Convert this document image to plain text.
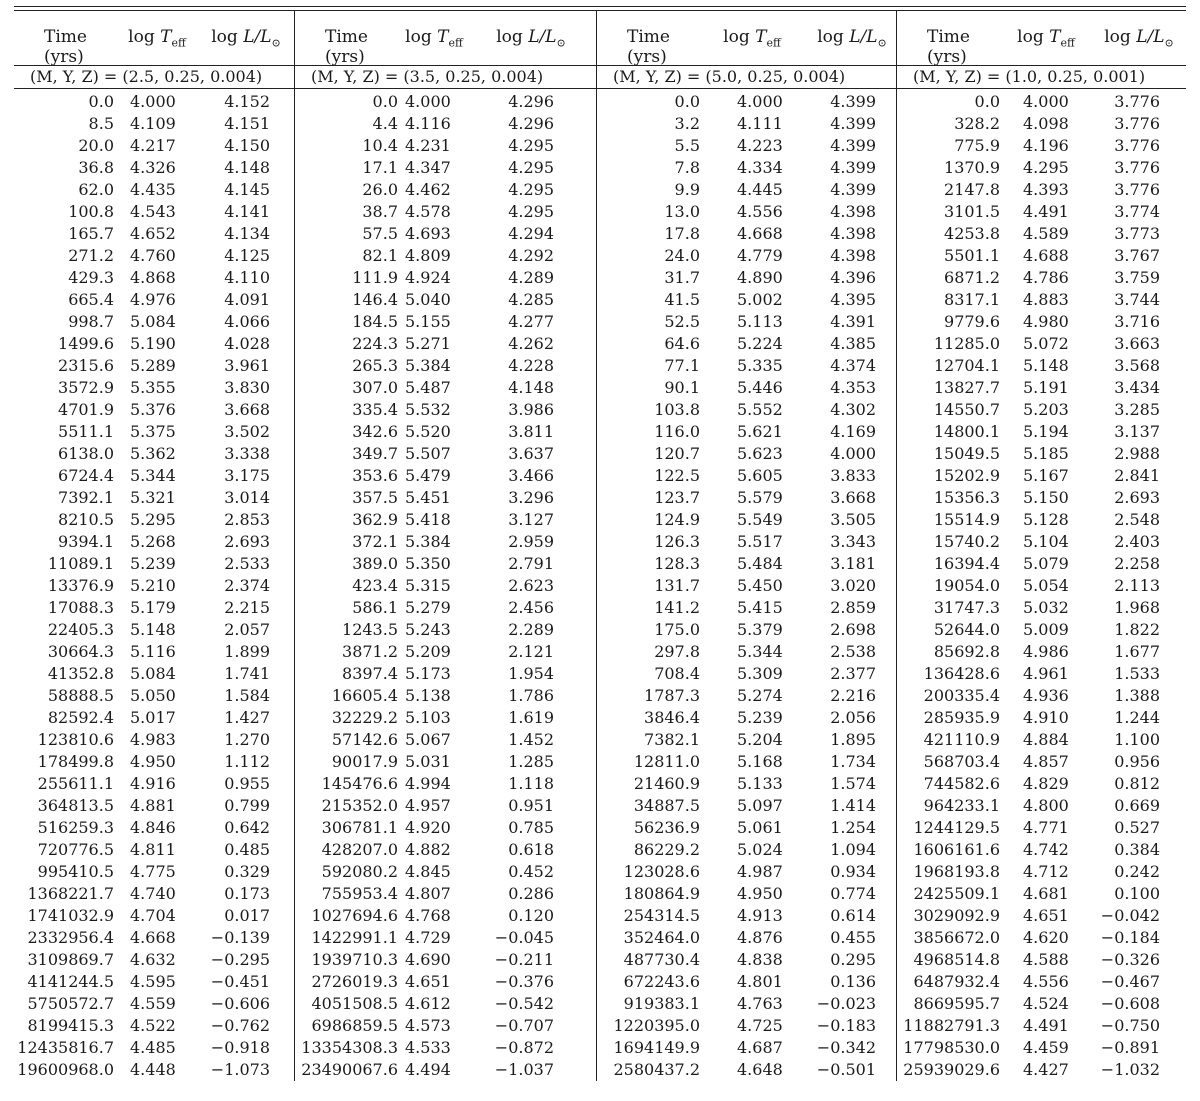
Time
(yrs)
$\log T_{eff}$	$\log L/L_⊙$
(M, Y, Z) = (2.5, 0.25, 0.004)
0.0 4.000	4.152
8.5 4.109	4.151
20.0 4.217	4.150
36.8 4.326	4.148
62.0 4.435	4.145
100.8 4.543	4.141
165.7 4.652	4.134
271.2 4.760	4.125
429.3 4.868	4.110
665.4 4.976	4.091
998.7 5.084	4.066
1499.6 5.190	4.028
2315.6 5.289	3.961
3572.9 5.355	3.830
4701.9 5.376	3.668
5511.1 5.375	3.502
6138.0 5.362	3.338
6724.4 5.344	3.175
7392.1 5.321	3.014
8210.5 5.295	2.853
9394.1 5.268	2.693
11089.1 5.239	2.533
13376.9 5.210	2.374
17088.3 5.179	2.215
22405.3 5.148	2.057
30664.3 5.116	1.899
41352.8 5.084	1.741
58888.5 5.050	1.584
82592.4 5.017	1.427
123810.6 4.983	1.270
178499.8 4.950	1.112
255611.1 4.916	0.955
364813.5 4.881	0.799
516259.3 4.846	0.642
720776.5 4.811	0.485
995410.5 4.775	0.329
1368221.7 4.740	0.173
1741032.9 4.704	0.017
2332956.4 4.668 −0.139
3109869.7 4.632 −0.295
4141244.5 4.595 −0.451
5750572.7 4.559 −0.606
8199415.3 4.522 −0.762
12435816.7 4.485 −0.918
19600968.0 4.448 −1.073
Time
(yrs)
$\log T_{eff}$	$\log L/L_⊙$
(M, Y, Z) = (3.5, 0.25, 0.004)
0.0 4.000	4.296
4.4 4.116	4.296
10.4 4.231	4.295
17.1 4.347	4.295
26.0 4.462	4.295
38.7 4.578	4.295
57.5 4.693	4.294
82.1 4.809	4.292
111.9 4.924	4.289
146.4 5.040	4.285
184.5 5.155	4.277
224.3 5.271	4.262
265.3 5.384	4.228
307.0 5.487	4.148
335.4 5.532	3.986
342.6 5.520	3.811
349.7 5.507	3.637
353.6 5.479	3.466
357.5 5.451	3.296
362.9 5.418	3.127
372.1 5.384	2.959
389.0 5.350	2.791
423.4 5.315	2.623
586.1 5.279	2.456
1243.5 5.243	2.289
3871.2 5.209	2.121
8397.4 5.173	1.954
16605.4 5.138	1.786
32229.2 5.103	1.619
57142.6 5.067	1.452
90017.9 5.031	1.285
145476.6 4.994	1.118
215352.0 4.957	0.951
306781.1 4.920	0.785
428207.0 4.882	0.618
592080.2 4.845	0.452
755953.4 4.807	0.286
1027694.6 4.768	0.120
1422991.1 4.729	−0.045
1939710.3 4.690	−0.211
2726019.3 4.651	−0.376
4051508.5 4.612	−0.542
6986859.5 4.573	−0.707
13354308.3 4.533	−0.872
23490067.6 4.494	−1.037
Time
(yrs)
$\log T_{eff}$	$\log L/L_⊙$
(M, Y, Z) = (5.0, 0.25, 0.004)
0.0 4.000	4.399
3.2 4.111	4.399
5.5 4.223	4.399
7.8 4.334	4.399
9.9 4.445	4.399
13.0 4.556	4.398
17.8 4.668	4.398
24.0 4.779	4.398
31.7 4.890	4.396
41.5 5.002	4.395
52.5 5.113	4.391
64.6 5.224	4.385
77.1 5.335	4.374
90.1 5.446	4.353
103.8 5.552	4.302
116.0 5.621	4.169
120.7 5.623	4.000
122.5 5.605	3.833
123.7 5.579	3.668
124.9 5.549	3.505
126.3 5.517	3.343
128.3 5.484	3.181
131.7 5.450	3.020
141.2 5.415	2.859
175.0 5.379	2.698
297.8 5.344	2.538
708.4 5.309	2.377
1787.3 5.274	2.216
3846.4 5.239	2.056
7382.1 5.204	1.895
12811.0 5.168	1.734
21460.9 5.133	1.574
34887.5 5.097	1.414
56236.9 5.061	1.254
86229.2 5.024	1.094
123028.6 4.987	0.934
180864.9 4.950	0.774
254314.5 4.913	0.614
352464.0 4.876	0.455
487730.4 4.838	0.295
672243.6 4.801	0.136
919383.1 4.763 −0.023
1220395.0 4.725 −0.183
1694149.9 4.687 −0.342
2580437.2 4.648 −0.501
Time
(yrs)
$\log T_{eff}$	$\log L/L_⊙$
(M, Y, Z) = (1.0, 0.25, 0.001)
0.0 4.000	3.776
328.2 4.098	3.776
775.9 4.196	3.776
1370.9 4.295	3.776
2147.8 4.393	3.776
3101.5 4.491	3.774
4253.8 4.589	3.773
5501.1 4.688	3.767
6871.2 4.786	3.759
8317.1 4.883	3.744
9779.6 4.980	3.716
11285.0 5.072	3.663
12704.1 5.148	3.568
13827.7 5.191	3.434
14550.7 5.203	3.285
14800.1 5.194	3.137
15049.5 5.185	2.988
15202.9 5.167	2.841
15356.3 5.150	2.693
15514.9 5.128	2.548
15740.2 5.104	2.403
16394.4 5.079	2.258
19054.0 5.054	2.113
31747.3 5.032	1.968
52644.0 5.009	1.822
85692.8 4.986	1.677
136428.6 4.961	1.533
200335.4 4.936	1.388
285935.9 4.910	1.244
421110.9 4.884	1.100
568703.4 4.857	0.956
744582.6 4.829	0.812
964233.1 4.800	0.669
1244129.5 4.771	0.527
1606161.6 4.742	0.384
1968193.8 4.712	0.242
2425509.1 4.681	0.100
3029092.9 4.651 −0.042
3856672.0 4.620 −0.184
4968514.8 4.588 −0.326
6487932.4 4.556 −0.467
8669595.7 4.524 −0.608
11882791.3 4.491 −0.750
17798530.0 4.459 −0.891
25939029.6 4.427 −1.032
